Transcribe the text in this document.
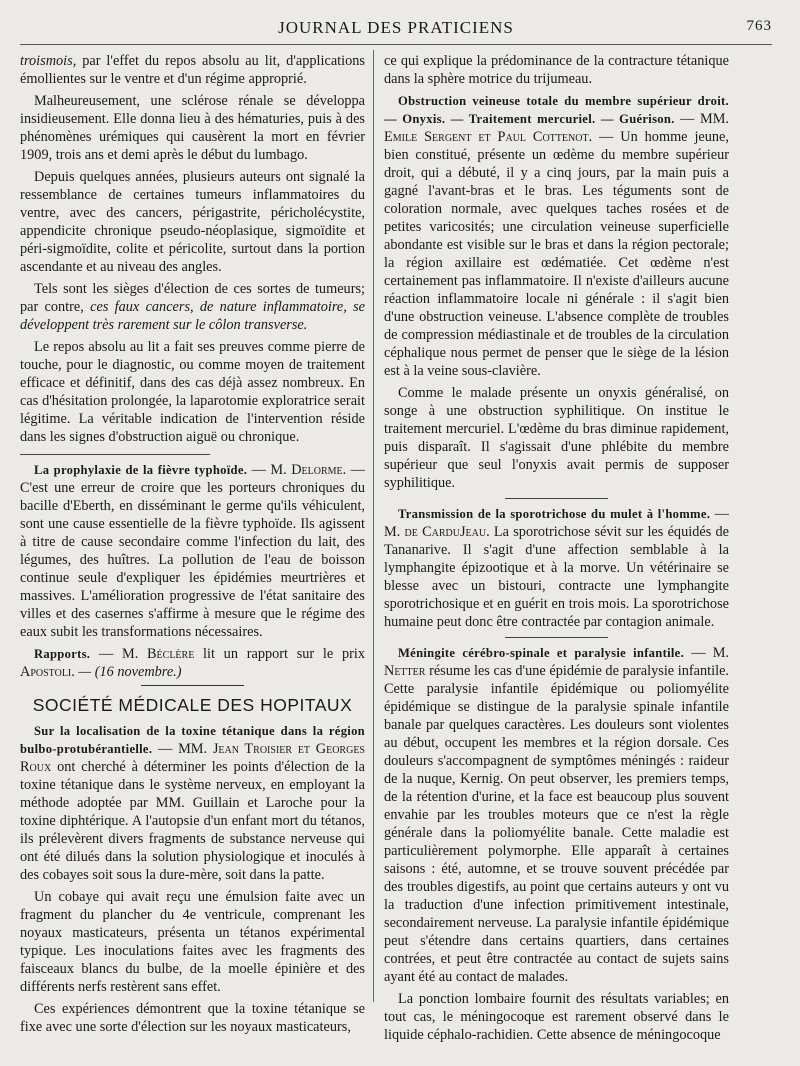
JOURNAL DES PRATICIENS	763

troismois, par l'effet du repos absolu au lit, d'applications émollientes sur le ventre et d'un régime approprié.

Malheureusement, une sclérose rénale se développa insidieusement. Elle donna lieu à des hématuries, puis à des phénomènes urémiques qui causèrent la mort en février 1909, trois ans et demi après le début du lumbago.

Depuis quelques années, plusieurs auteurs ont signalé la ressemblance de certaines tumeurs inflammatoires du ventre, avec des cancers, périgastrite, péricholécystite, appendicite chronique pseudo-néoplasique, sigmoïdite et péri-sigmoïdite, colite et péricolite, surtout dans la portion ascendante et au niveau des angles.

Tels sont les sièges d'élection de ces sortes de tumeurs; par contre, ces faux cancers, de nature inflammatoire, se développent très rarement sur le côlon transverse.

Le repos absolu au lit a fait ses preuves comme pierre de touche, pour le diagnostic, ou comme moyen de traitement efficace et définitif, dans des cas déjà assez nombreux. En cas d'hésitation prolongée, la laparotomie exploratrice serait légitime. La véritable indication de l'intervention réside dans les signes d'obstruction aiguë ou chronique.

La prophylaxie de la fièvre typhoïde. — M. Delorme. — C'est une erreur de croire que les porteurs chroniques du bacille d'Eberth, en disséminant le germe qu'ils véhiculent, sont une cause essentielle de la fièvre typhoïde. Ils agissent à titre de cause secondaire comme l'infection du lait, des légumes, des huîtres. La pollution de l'eau de boisson continue seule d'expliquer les épidémies meurtrières et massives. L'amélioration progressive de l'état sanitaire des villes et des casernes s'affirme à mesure que le régime des eaux subit les transformations nécessaires.

Rapports. — M. Béclère lit un rapport sur le prix Apostoli. — (16 novembre.)

SOCIÉTÉ MÉDICALE DES HOPITAUX

Sur la localisation de la toxine tétanique dans la région bulbo-protubérantielle. — MM. Jean Troisier et Georges Roux ont cherché à déterminer les points d'élection de la toxine tétanique dans le système nerveux, en employant la méthode adoptée par MM. Guillain et Laroche pour la toxine diphtérique. A l'autopsie d'un enfant mort du tétanos, ils prélevèrent divers fragments de substance nerveuse qui ont été dilués dans la solution physiologique et inoculés à des cobayes soit sous la dure-mère, soit dans la patte.

Un cobaye qui avait reçu une émulsion faite avec un fragment du plancher du 4e ventricule, comprenant les noyaux masticateurs, présenta un tétanos expérimental typique. Les inoculations faites avec les fragments des faisceaux blancs du bulbe, de la moelle épinière et des différents nerfs restèrent sans effet.

Ces expériences démontrent que la toxine tétanique se fixe avec une sorte d'élection sur les noyaux masticateurs,

ce qui explique la prédominance de la contracture tétanique dans la sphère motrice du trijumeau.

Obstruction veineuse totale du membre supérieur droit. — Onyxis. — Traitement mercuriel. — Guérison. — MM. Emile Sergent et Paul Cottenot. — Un homme jeune, bien constitué, présente un œdème du membre supérieur droit, qui a débuté, il y a cinq jours, par la main puis a gagné l'avant-bras et le bras. Les téguments sont de coloration normale, avec quelques taches rosées et de petites varicosités; une circulation veineuse superficielle abondante est visible sur le bras et dans la région pectorale; la région axillaire est œdématiée. Cet œdème n'est certainement pas inflammatoire. Il n'existe d'ailleurs aucune réaction inflammatoire locale ni générale : il s'agit bien d'une obstruction veineuse. L'absence complète de troubles de compression médiastinale et de troubles de la circulation céphalique nous permet de penser que le siège de la lésion est à la veine sous-clavière.

Comme le malade présente un onyxis généralisé, on songe à une obstruction syphilitique. On institue le traitement mercuriel. L'œdème du bras diminue rapidement, puis disparaît. Il s'agissait d'une phlébite du membre supérieur que seul l'onyxis avait permis de supposer syphilitique.

Transmission de la sporotrichose du mulet à l'homme. — M. de CarduJeau. La sporotrichose sévit sur les équidés de Tananarive. Il s'agit d'une affection semblable à la lymphangite épizootique et à la morve. Un vétérinaire se blesse avec un bistouri, contracte une lymphangite sporotrichosique et en guérit en trois mois. La sporotrichose humaine peut donc être contractée par contagion animale.

Méningite cérébro-spinale et paralysie infantile. — M. Netter résume les cas d'une épidémie de paralysie infantile. Cette paralysie infantile épidémique ou poliomyélite épidémique se distingue de la paralysie spinale infantile banale par quelques caractères. Les douleurs sont violentes au début, occupent les membres et la région dorsale. Ces douleurs s'accompagnent de symptômes méningés : raideur de la nuque, Kernig. On peut observer, les premiers temps, de la rétention d'urine, et la face est beaucoup plus souvent envahie par les troubles moteurs que ce n'est la règle générale dans la poliomyélite banale. Cette maladie est particulièrement polymorphe. Elle apparaît à certaines saisons : été, automne, et se trouve souvent précédée par des troubles digestifs, au point que certains auteurs y ont vu la traduction d'une infection primitivement intestinale, secondairement nerveuse. La paralysie infantile épidémique peut s'étendre dans certains quartiers, dans certaines contrées, et peut être contractée au contact de sujets sains ayant été au contact de malades.

La ponction lombaire fournit des résultats variables; en tout cas, le méningocoque est rarement observé dans le liquide céphalo-rachidien. Cette absence de méningocoque
